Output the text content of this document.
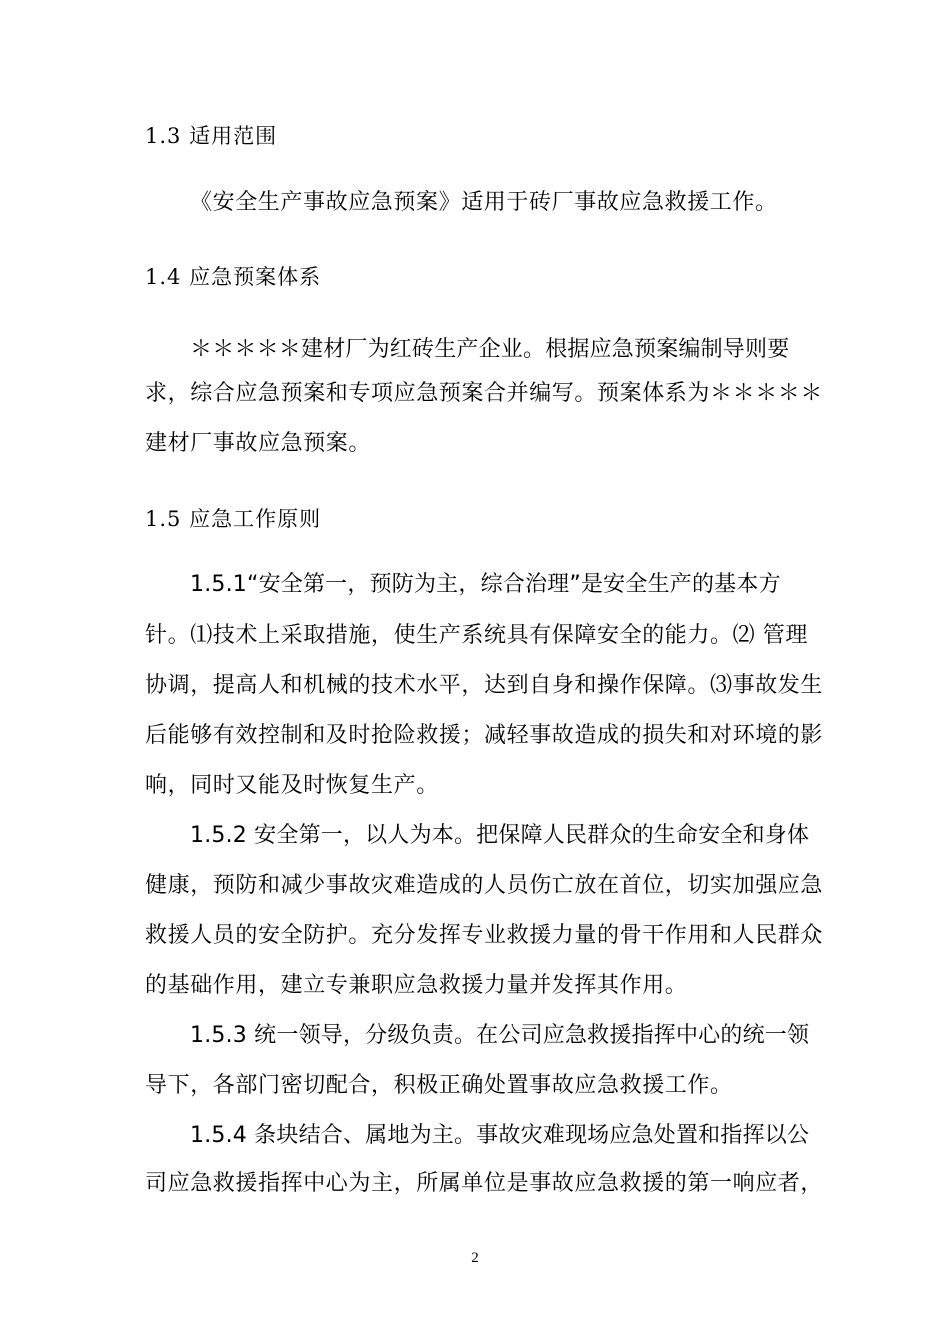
1.3 适用范围
《安全生产事故应急预案》适用于砖厂事故应急救援工作。
1.4 应急预案体系
＊＊＊＊＊建材厂为红砖生产企业。根据应急预案编制导则要
求，综合应急预案和专项应急预案合并编写。预案体系为＊＊＊＊＊
建材厂事故应急预案。
1.5 应急工作原则
1.5.1“安全第一，预防为主，综合治理”是安全生产的基本方
针。⑴技术上采取措施，使生产系统具有保障安全的能力。⑵ 管理
协调，提高人和机械的技术水平，达到自身和操作保障。⑶事故发生
后能够有效控制和及时抢险救援；减轻事故造成的损失和对环境的影
响，同时又能及时恢复生产。
1.5.2 安全第一，以人为本。把保障人民群众的生命安全和身体
健康，预防和减少事故灾难造成的人员伤亡放在首位，切实加强应急
救援人员的安全防护。充分发挥专业救援力量的骨干作用和人民群众
的基础作用，建立专兼职应急救援力量并发挥其作用。
1.5.3 统一领导，分级负责。在公司应急救援指挥中心的统一领
导下，各部门密切配合，积极正确处置事故应急救援工作。
1.5.4 条块结合、属地为主。事故灾难现场应急处置和指挥以公
司应急救援指挥中心为主，所属单位是事故应急救援的第一响应者，
2
